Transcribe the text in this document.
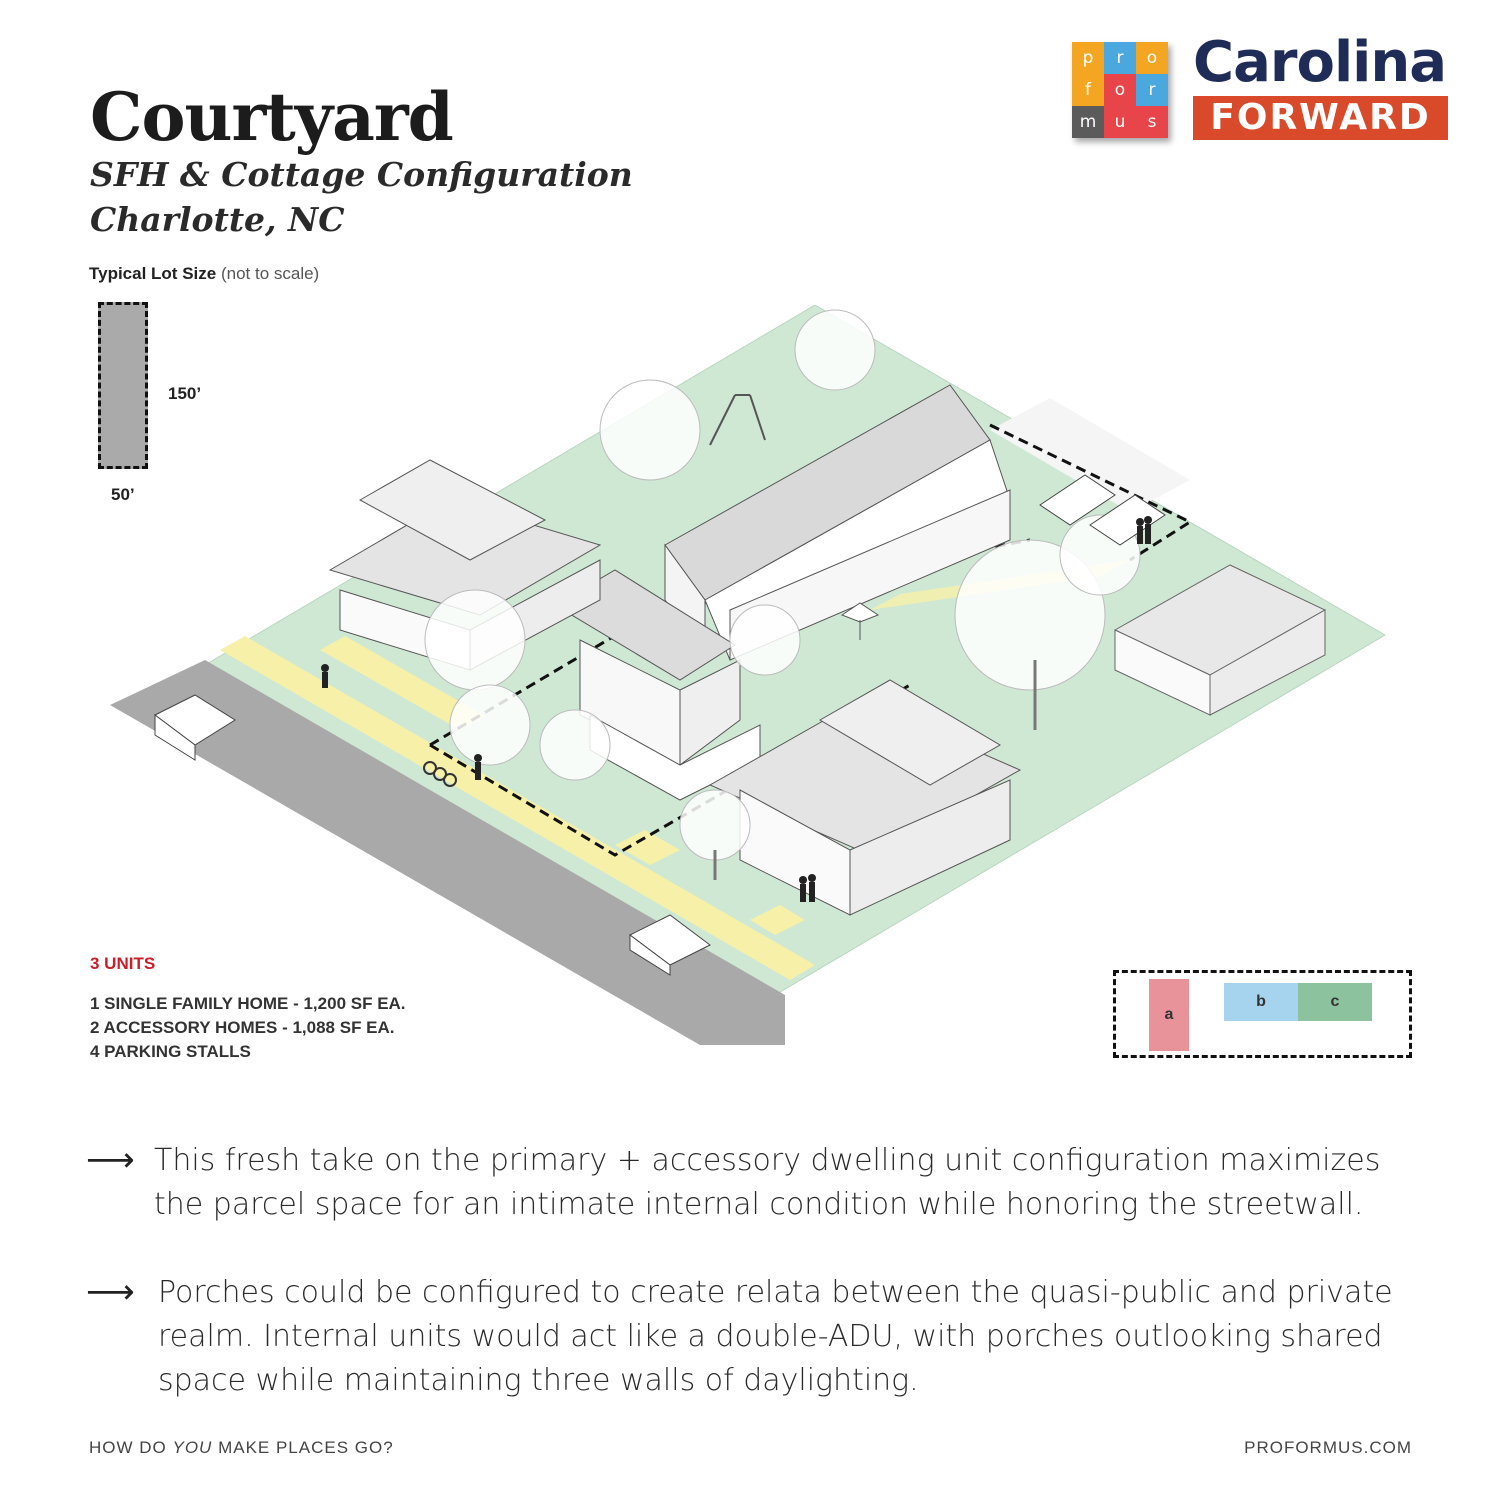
Courtyard
SFH & Cottage Configuration
Charlotte, NC
p	r	o
f	o	r
m	u	s
Carolina
FORWARD
Typical Lot Size (not to scale)
150’
50’
3 UNITS
1 SINGLE FAMILY HOME - 1,200 SF EA.
2 ACCESSORY HOMES - 1,088 SF EA.
4 PARKING STALLS
a
b	c
⟶ This fresh take on the primary + accessory dwelling unit configuration maximizes the parcel space for an intimate internal condition while honoring the streetwall.
⟶ Porches could be configured to create relata between the quasi-public and private realm. Internal units would act like a double-ADU, with porches outlooking shared space while maintaining three walls of daylighting.
HOW DO YOU MAKE PLACES GO?	PROFORMUS.COM
